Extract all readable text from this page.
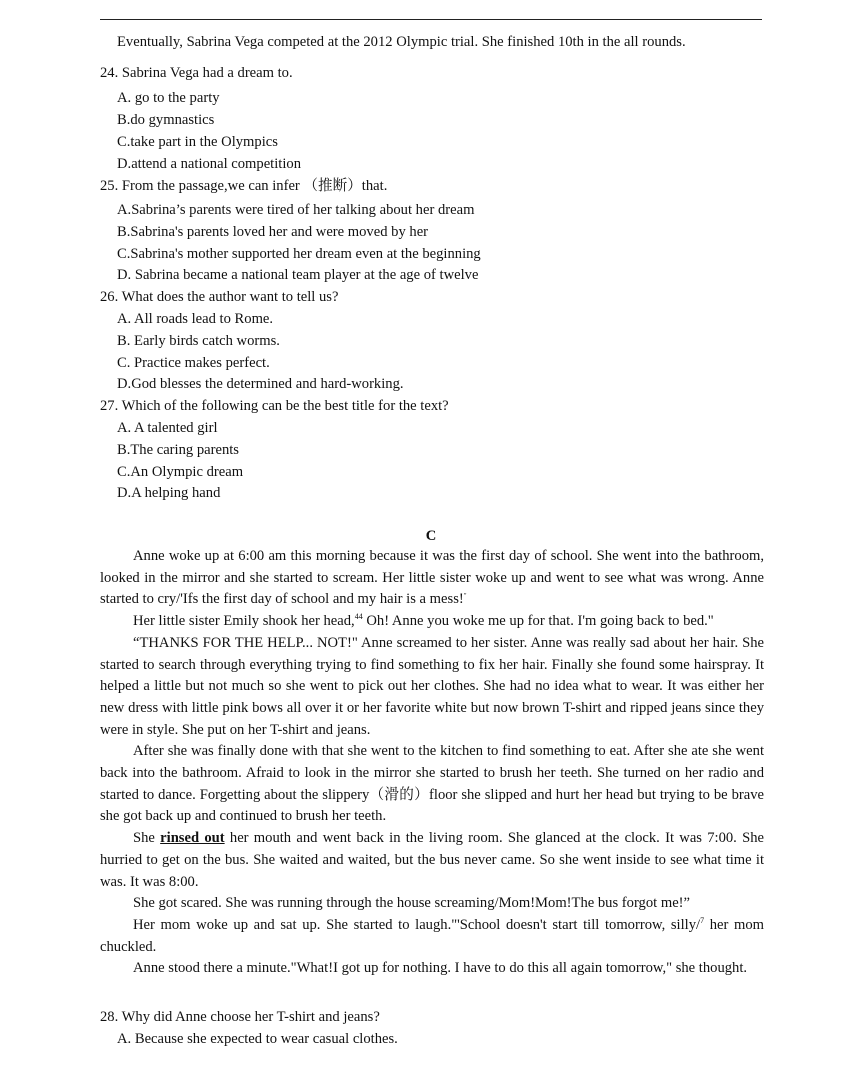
Eventually, Sabrina Vega competed at the 2012 Olympic trial. She finished 10th in the all rounds.
24. Sabrina Vega had a dream to.
A. go to the party
B.do gymnastics
C.take part in the Olympics
D.attend a national competition
25. From the passage,we can infer （推断）that.
A.Sabrina’s parents were tired of her talking about her dream
B.Sabrina's parents loved her and were moved by her
C.Sabrina's mother supported her dream even at the beginning
D. Sabrina became a national team player at the age of twelve
26. What does the author want to tell us?
A. All roads lead to Rome.
B. Early birds catch worms.
C. Practice makes perfect.
D.God blesses the determined and hard-working.
27. Which of the following can be the best title for the text?
A. A talented girl
B.The caring parents
C.An Olympic dream
D.A helping hand
C

Anne woke up at 6:00 am this morning because it was the first day of school. She went into the bathroom, looked in the mirror and she started to scream. Her little sister woke up and went to see what was wrong. Anne started to cry/'Ifs the first day of school and my hair is a mess!”

Her little sister Emily shook her head,$^{44}$ Oh! Anne you woke me up for that. I'm going back to bed."

“THANKS FOR THE HELP... NOT!" Anne screamed to her sister. Anne was really sad about her hair. She started to search through everything trying to find something to fix her hair. Finally she found some hairspray. It helped a little but not much so she went to pick out her clothes. She had no idea what to wear. It was either her new dress with little pink bows all over it or her favorite white but now brown T-shirt and ripped jeans since they were in style. She put on her T-shirt and jeans.

After she was finally done with that she went to the kitchen to find something to eat. After she ate she went back into the bathroom. Afraid to look in the mirror she started to brush her teeth. She turned on her radio and started to dance. Forgetting about the slippery（滑的）floor she slipped and hurt her head but trying to be brave she got back up and continued to brush her teeth.

She rinsed out her mouth and went back in the living room. She glanced at the clock. It was 7:00. She hurried to get on the bus. She waited and waited, but the bus never came. So she went inside to see what time it was. It was 8:00.

She got scared. She was running through the house screaming/Mom!Mom!The bus forgot me!”

Her mom woke up and sat up. She started to laugh."'School doesn't start till tomorrow, silly/$^7$ her mom chuckled.

Anne stood there a minute."What!I got up for nothing. I have to do this all again tomorrow," she thought.

28. Why did Anne choose her T-shirt and jeans?
A. Because she expected to wear casual clothes.
